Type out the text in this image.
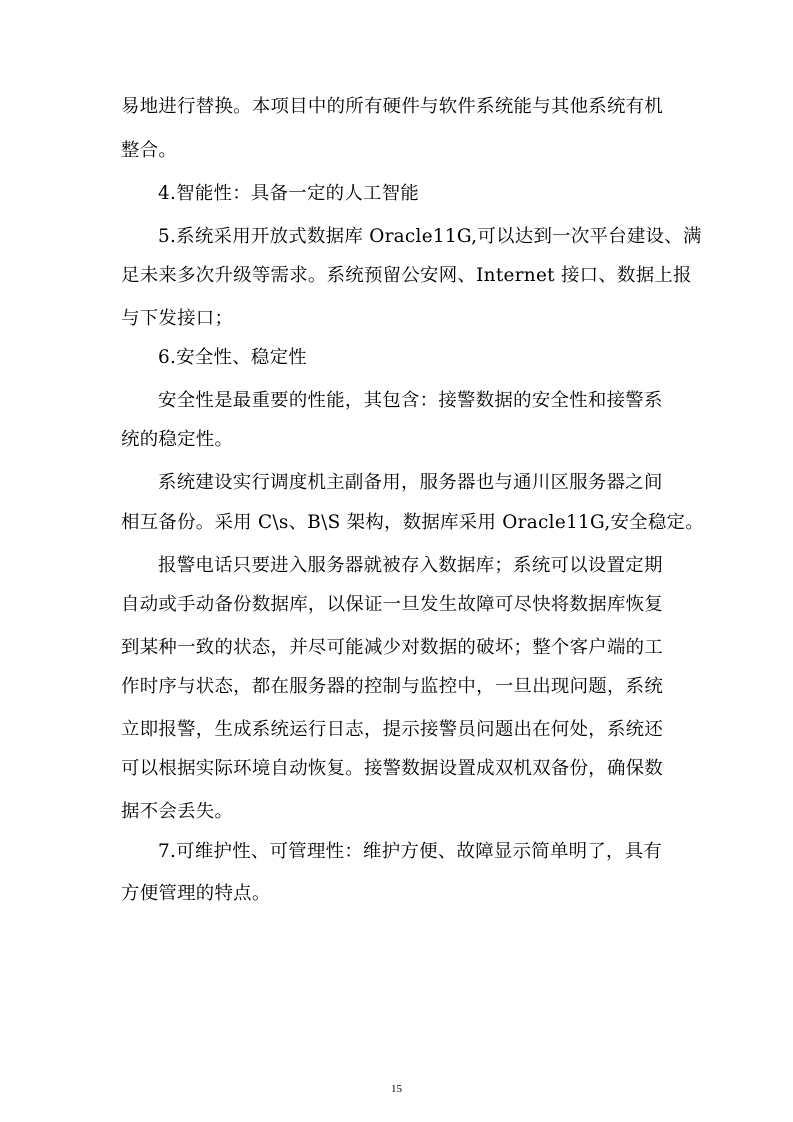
易地进行替换。本项目中的所有硬件与软件系统能与其他系统有机
整合。
4.智能性：具备一定的人工智能
5.系统采用开放式数据库 Oracle11G,可以达到一次平台建设、满
足未来多次升级等需求。系统预留公安网、Internet 接口、数据上报
与下发接口；
6.安全性、稳定性
安全性是最重要的性能，其包含：接警数据的安全性和接警系
统的稳定性。
系统建设实行调度机主副备用，服务器也与通川区服务器之间
相互备份。采用 C\s、B\S 架构，数据库采用 Oracle11G,安全稳定。
报警电话只要进入服务器就被存入数据库；系统可以设置定期
自动或手动备份数据库，以保证一旦发生故障可尽快将数据库恢复
到某种一致的状态，并尽可能减少对数据的破坏；整个客户端的工
作时序与状态，都在服务器的控制与监控中，一旦出现问题，系统
立即报警，生成系统运行日志，提示接警员问题出在何处，系统还
可以根据实际环境自动恢复。接警数据设置成双机双备份，确保数
据不会丢失。
7.可维护性、可管理性：维护方便、故障显示简单明了，具有
方便管理的特点。
15
